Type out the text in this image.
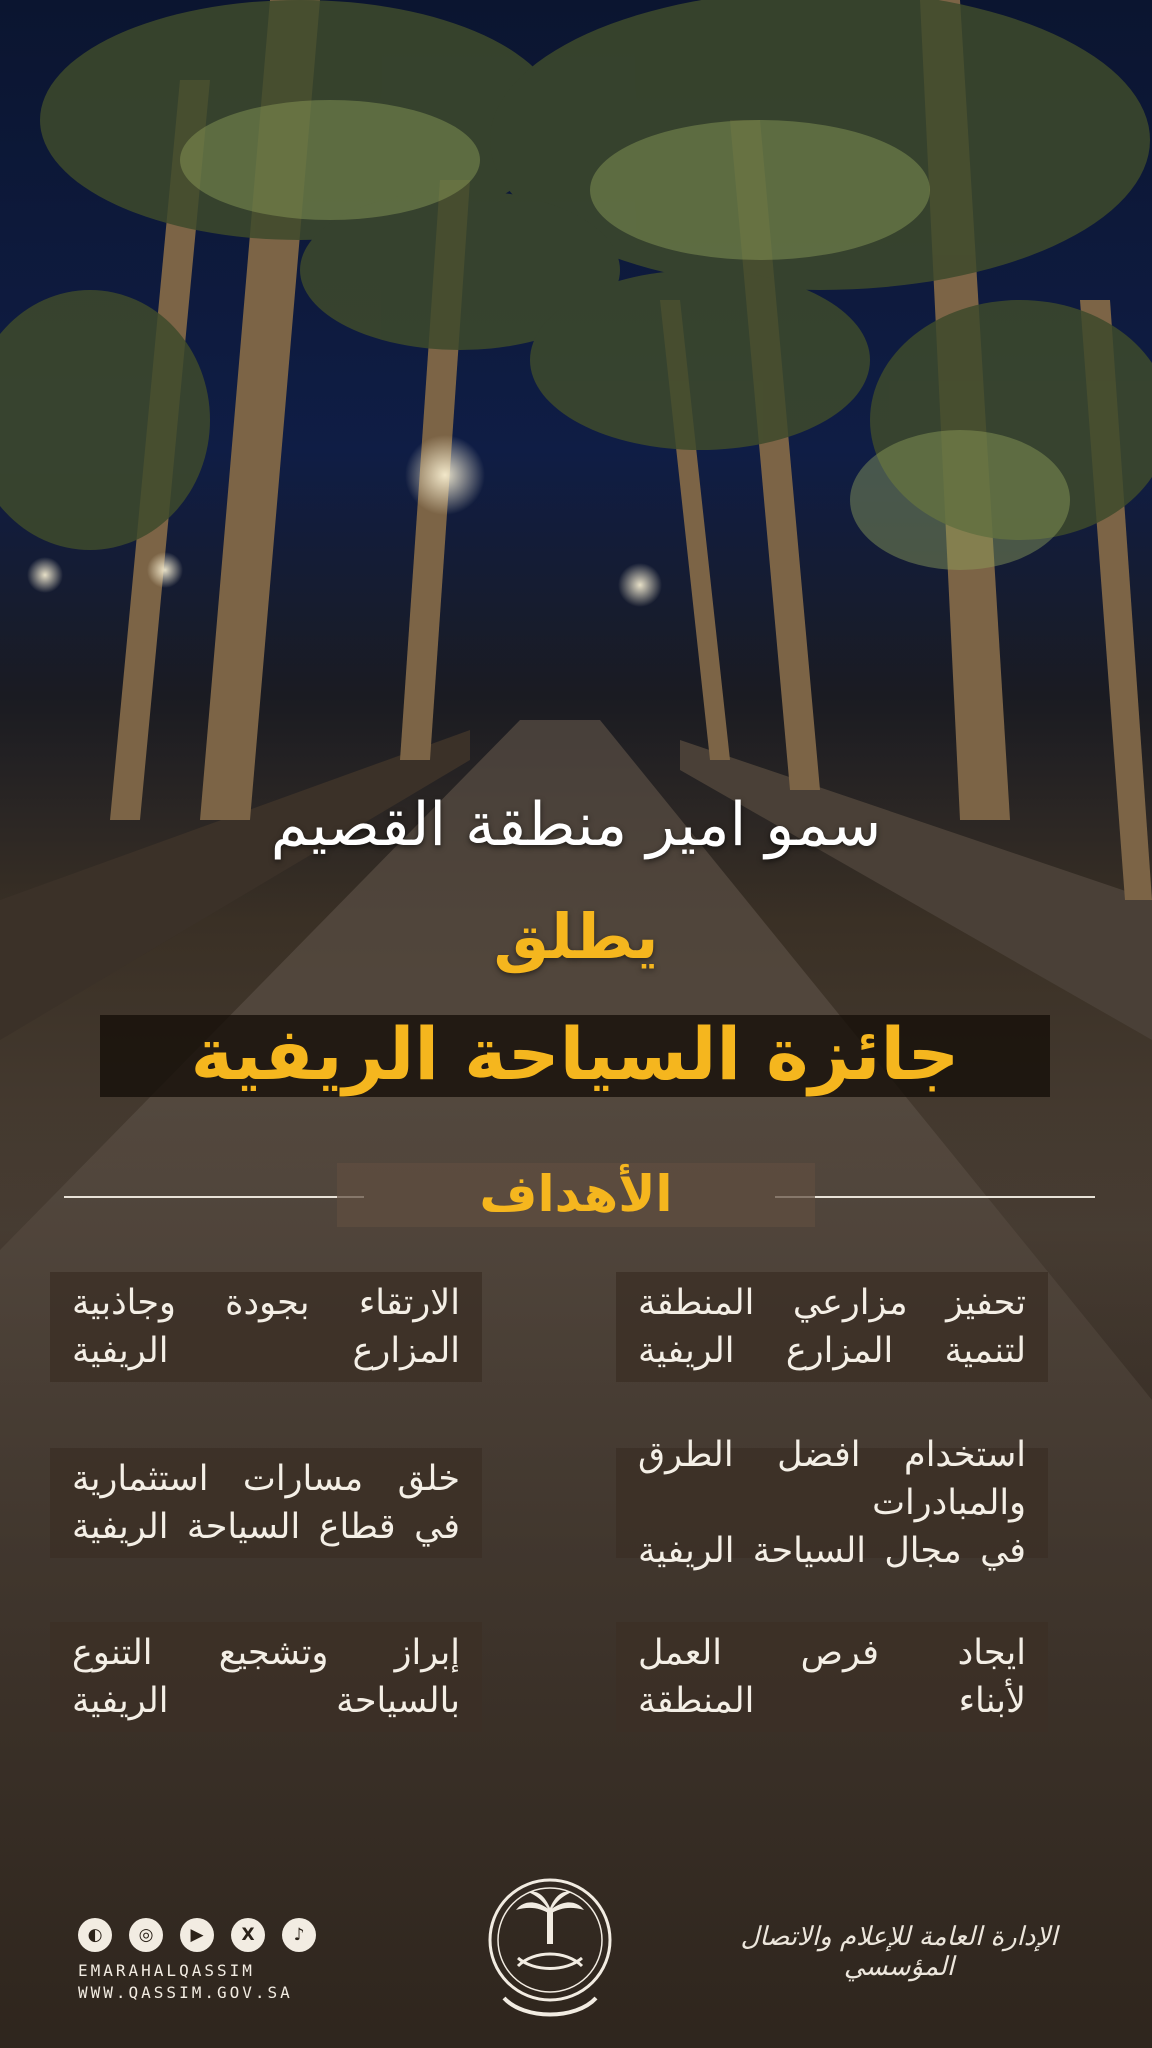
سمو امير منطقة القصيم
يطلق
جائزة السياحة الريفية
الأهداف
تحفيز مزارعي المنطقة
لتنمية المزارع الريفية
الارتقاء بجودة وجاذبية
المزارع الريفية
استخدام افضل الطرق والمبادرات
في مجال السياحة الريفية
خلق مسارات استثمارية
في قطاع السياحة الريفية
ايجاد فرص العمل
لأبناء المنطقة
إبراز وتشجيع التنوع
بالسياحة الريفية
◐	◎	▶	X	♪
EMARAHALQASSIM
WWW.QASSIM.GOV.SA
الإدارة العامة للإعلام والاتصال المؤسسي
